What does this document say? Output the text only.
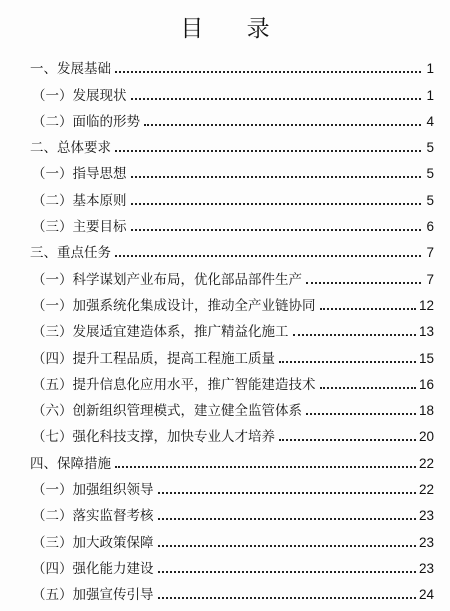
目 录
一、发展基础	1
（一）发展现状	1
（二）面临的形势	4
二、总体要求	5
（一）指导思想	5
（二）基本原则	5
（三）主要目标	6
三、重点任务	7
（一）科学谋划产业布局，优化部品部件生产	7
（一）加强系统化集成设计，推动全产业链协同	12
（三）发展适宜建造体系，推广精益化施工	13
（四）提升工程品质，提高工程施工质量	15
（五）提升信息化应用水平，推广智能建造技术	16
（六）创新组织管理模式，建立健全监管体系	18
（七）强化科技支撑，加快专业人才培养	20
四、保障措施	22
（一）加强组织领导	22
（二）落实监督考核	23
（三）加大政策保障	23
（四）强化能力建设	23
（五）加强宣传引导	24
